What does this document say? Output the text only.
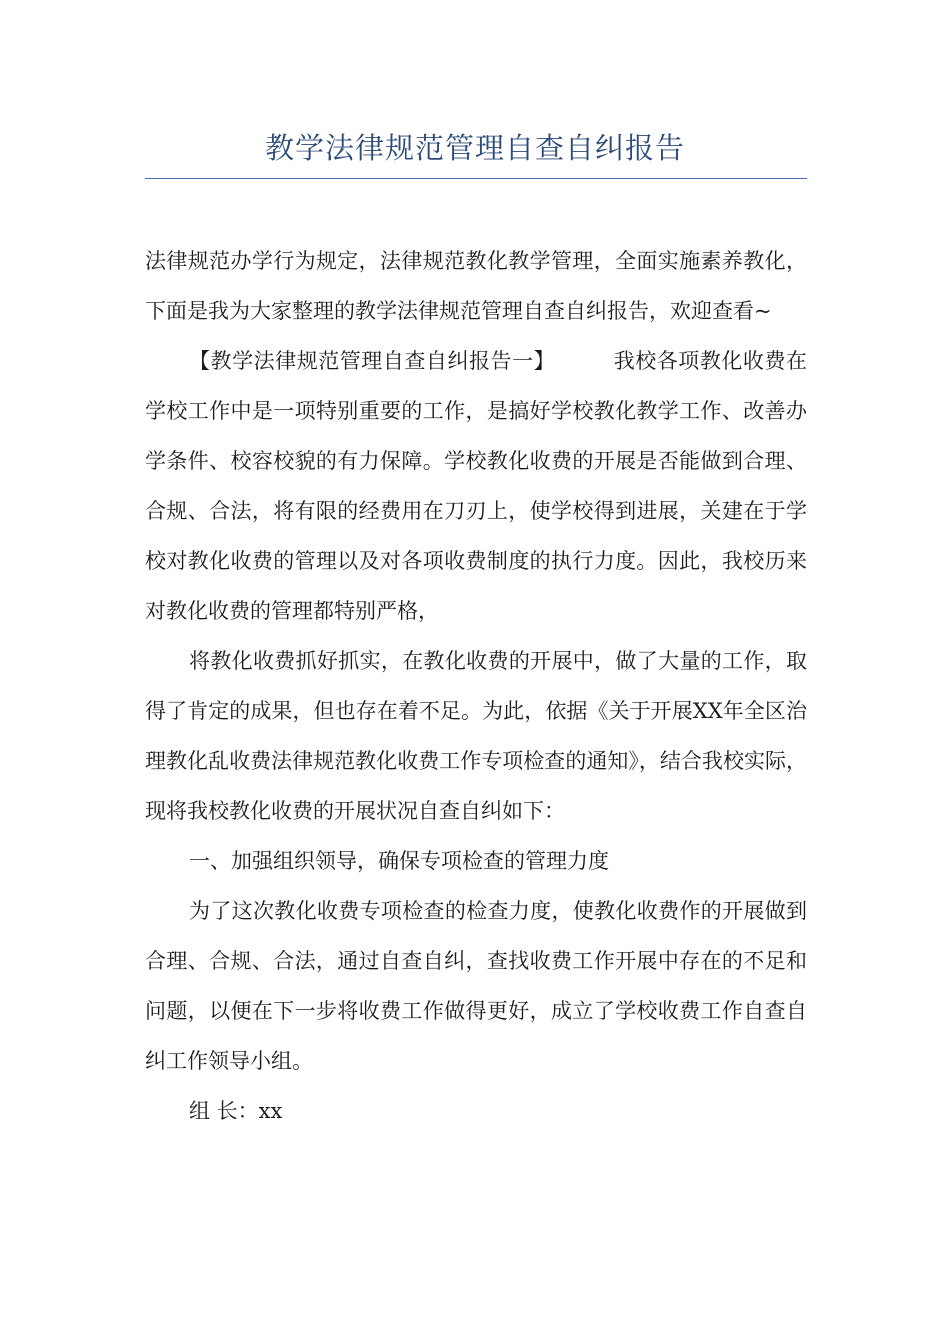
教学法律规范管理自查自纠报告

法律规范办学行为规定，法律规范教化教学管理，全面实施素养教化，下面是我为大家整理的教学法律规范管理自查自纠报告，欢迎查看~

【教学法律规范管理自查自纠报告一】	我校各项教化收费在学校工作中是一项特别重要的工作，是搞好学校教化教学工作、改善办学条件、校容校貌的有力保障。学校教化收费的开展是否能做到合理、合规、合法，将有限的经费用在刀刃上，使学校得到进展，关建在于学校对教化收费的管理以及对各项收费制度的执行力度。因此，我校历来对教化收费的管理都特别严格，

将教化收费抓好抓实，在教化收费的开展中，做了大量的工作，取得了肯定的成果，但也存在着不足。为此，依据《关于开展XX年全区治理教化乱收费法律规范教化收费工作专项检查的通知》，结合我校实际，现将我校教化收费的开展状况自查自纠如下：

一、加强组织领导，确保专项检查的管理力度

为了这次教化收费专项检查的检查力度，使教化收费作的开展做到合理、合规、合法，通过自查自纠，查找收费工作开展中存在的不足和问题，以便在下一步将收费工作做得更好，成立了学校收费工作自查自纠工作领导小组。

组 长：xx
